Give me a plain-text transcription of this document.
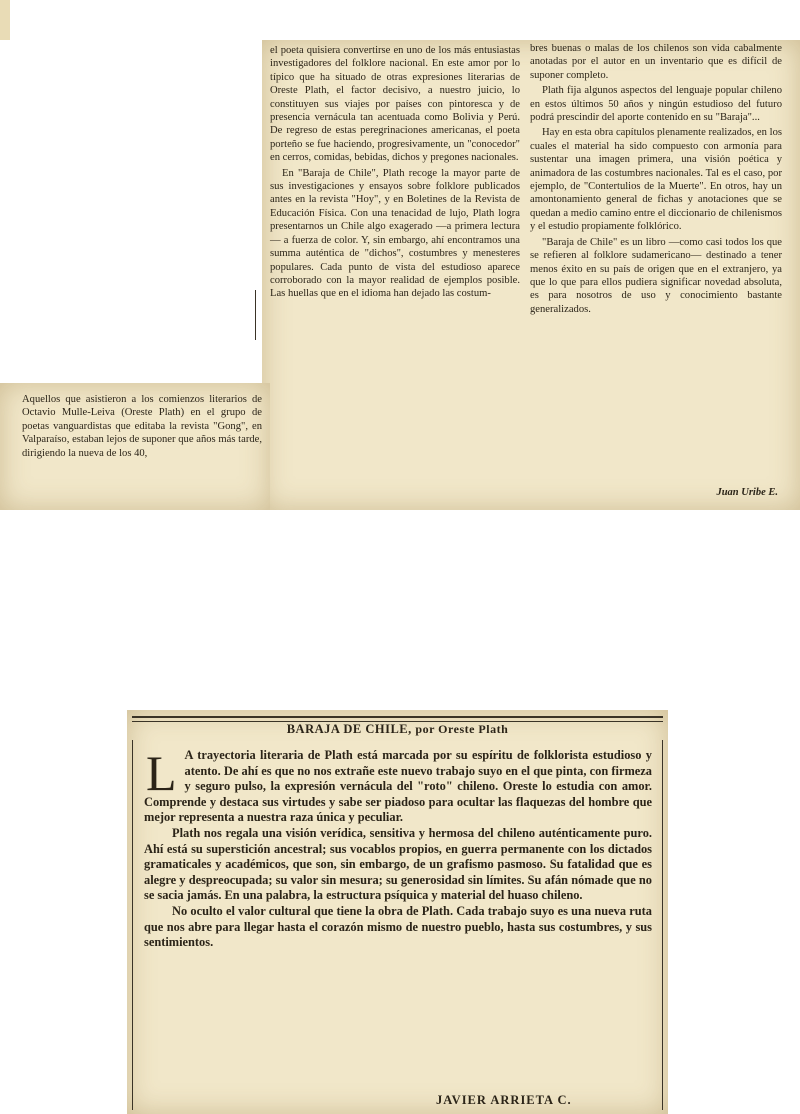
el poeta quisiera convertirse en uno de los más entusiastas investigadores del folklore nacional. En este amor por lo típico que ha situado de otras expresiones literarias de Oreste Plath, el factor decisivo, a nuestro juicio, lo constituyen sus viajes por países con pintoresca y de presencia vernácula tan acentuada como Bolivia y Perú. De regreso de estas peregrinaciones americanas, el poeta porteño se fue haciendo, progresivamente, un "conocedor" en cerros, comidas, bebidas, dichos y pregones nacionales.

En "Baraja de Chile", Plath recoge la mayor parte de sus investigaciones y ensayos sobre folklore publicados antes en la revista "Hoy", y en Boletines de la Revista de Educación Física. Con una tenacidad de lujo, Plath logra presentarnos un Chile algo exagerado —a primera lectura— a fuerza de color. Y, sin embargo, ahí encontramos una summa auténtica de "dichos", costumbres y menesteres populares. Cada punto de vista del estudioso aparece corroborado con la mayor realidad de ejemplos posible. Las huellas que en el idioma han dejado las costum-

bres buenas o malas de los chilenos son vida cabalmente anotadas por el autor en un inventario que es difícil de suponer completo.

Plath fija algunos aspectos del lenguaje popular chileno en estos últimos 50 años y ningún estudioso del futuro podrá prescindir del aporte contenido en su "Baraja"...

Hay en esta obra capítulos plenamente realizados, en los cuales el material ha sido compuesto con armonía para sustentar una imagen primera, una visión poética y animadora de las costumbres nacionales. Tal es el caso, por ejemplo, de "Contertulios de la Muerte". En otros, hay un amontonamiento general de fichas y anotaciones que se quedan a medio camino entre el diccionario de chilenismos y el estudio propiamente folklórico.

"Baraja de Chile" es un libro —como casi todos los que se refieren al folklore sudamericano— destinado a tener menos éxito en su país de origen que en el extranjero, ya que lo que para ellos pudiera significar novedad absoluta, es para nosotros de uso y conocimiento bastante generalizados.

Aquellos que asistieron a los comienzos literarios de Octavio Mulle-Leiva (Oreste Plath) en el grupo de poetas vanguardistas que editaba la revista "Gong", en Valparaíso, estaban lejos de suponer que años más tarde, dirigiendo la nueva de los 40,

Juan Uribe E.
BARAJA DE CHILE, por Oreste Plath

L A trayectoria literaria de Plath está marcada por su espíritu de folklorista estudioso y atento. De ahí es que no nos extrañe este nuevo trabajo suyo en el que pinta, con firmeza y seguro pulso, la expresión vernácula del "roto" chileno. Oreste lo estudia con amor. Comprende y destaca sus virtudes y sabe ser piadoso para ocultar las flaquezas del hombre que mejor representa a nuestra raza única y peculiar.

Plath nos regala una visión verídica, sensitiva y hermosa del chileno auténticamente puro. Ahí está su superstición ancestral; sus vocablos propios, en guerra permanente con los dictados gramaticales y académicos, que son, sin embargo, de un grafismo pasmoso. Su fatalidad que es alegre y despreocupada; su valor sin mesura; su generosidad sin límites. Su afán nómade que no se sacia jamás. En una palabra, la estructura psíquica y material del huaso chileno.

No oculto el valor cultural que tiene la obra de Plath. Cada trabajo suyo es una nueva ruta que nos abre para llegar hasta el corazón mismo de nuestro pueblo, hasta sus costumbres, y sus sentimientos.

JAVIER ARRIETA C.
